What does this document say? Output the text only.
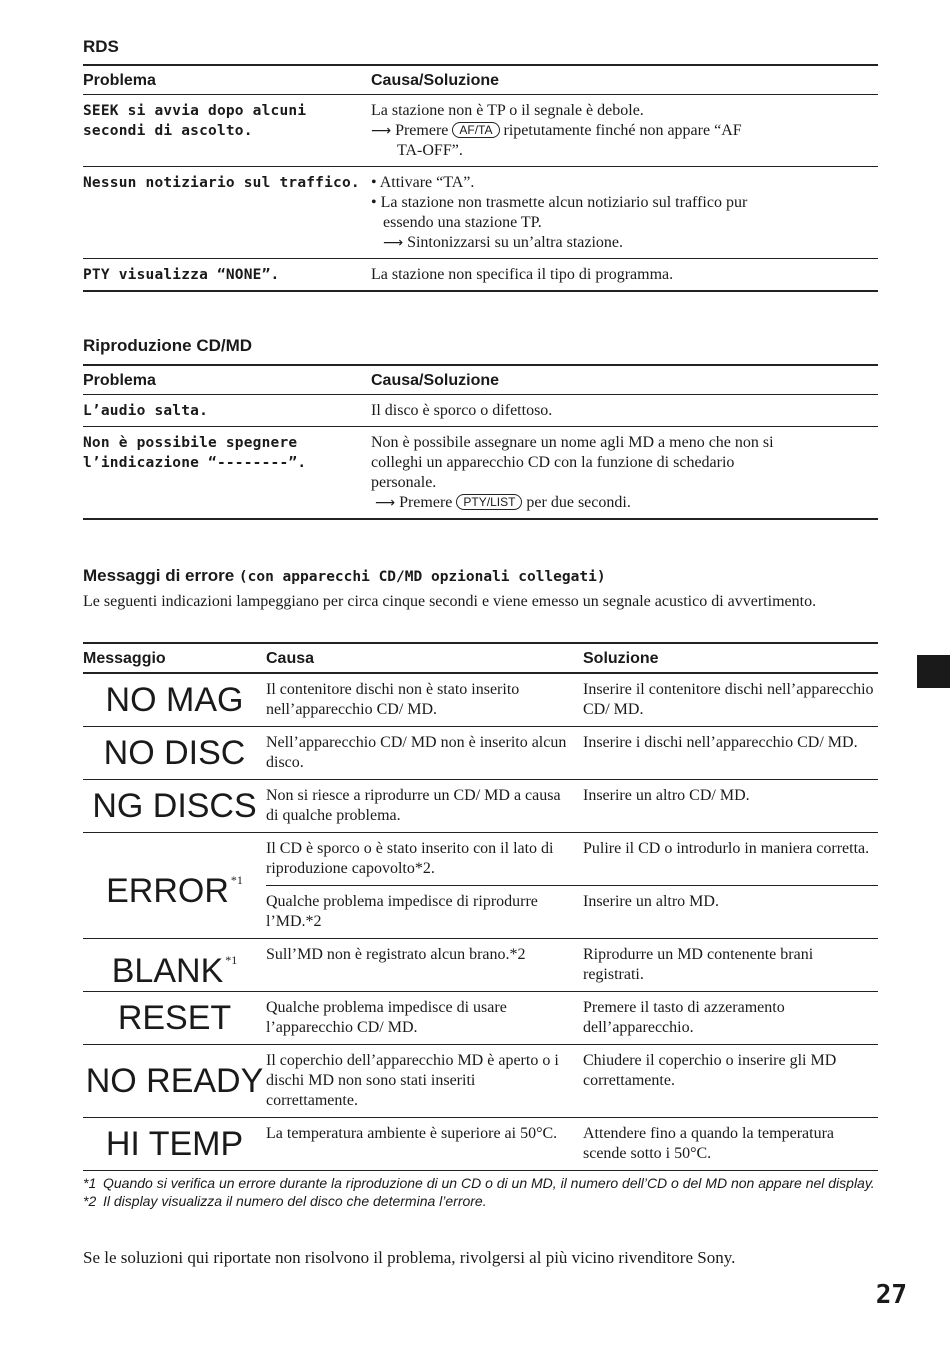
RDS
Problema	Causa/Soluzione

SEEK si avvia dopo alcuni
secondi di ascolto.	La stazione non è TP o il segnale è debole.
⟶ Premere AF/TA ripetutamente finché non appare “AF
TA-OFF”.

Nessun notiziario sul traffico.	• Attivare “TA”.
• La stazione non trasmette alcun notiziario sul traffico pur
essendo una stazione TP.
⟶ Sintonizzarsi su un’altra stazione.

PTY visualizza “NONE”.	La stazione non specifica il tipo di programma.
Riproduzione CD/MD
Problema	Causa/Soluzione

L’audio salta.	Il disco è sporco o difettoso.

Non è possibile spegnere
l’indicazione “--------”.	Non è possibile assegnare un nome agli MD a meno che non si
colleghi un apparecchio CD con la funzione di schedario
personale.
⟶ Premere PTY/LIST per due secondi.
Messaggi di errore (con apparecchi CD/MD opzionali collegati)
Le seguenti indicazioni lampeggiano per circa cinque secondi e viene emesso un segnale acustico di avvertimento.
Messaggio	Causa	Soluzione
NO MAG	Il contenitore dischi non è stato inserito nell’apparecchio CD/ MD.	Inserire il contenitore dischi nell’apparecchio CD/ MD.
NO DISC	Nell’apparecchio CD/ MD non è inserito alcun disco.	Inserire i dischi nell’apparecchio CD/ MD.
NG DISCS	Non si riesce a riprodurre un CD/ MD a causa di qualche problema.	Inserire un altro CD/ MD.
ERROR $^{*1}$	Il CD è sporco o è stato inserito con il lato di riproduzione capovolto*2.	Pulire il CD o introdurlo in maniera corretta.
	Qualche problema impedisce di riprodurre l’MD.*2	Inserire un altro MD.
BLANK $^{*1}$	Sull’MD non è registrato alcun brano.*2	Riprodurre un MD contenente brani registrati.
RESET	Qualche problema impedisce di usare l’apparecchio CD/ MD.	Premere il tasto di azzeramento dell’apparecchio.
NO READY	Il coperchio dell’apparecchio MD è aperto o i dischi MD non sono stati inseriti correttamente.	Chiudere il coperchio o inserire gli MD correttamente.
HI TEMP	La temperatura ambiente è superiore ai 50°C.	Attendere fino a quando la temperatura scende sotto i 50°C.
*1 Quando si verifica un errore durante la riproduzione di un CD o di un MD, il numero dell’CD o del MD non appare nel display.
*2 Il display visualizza il numero del disco che determina l’errore.
Se le soluzioni qui riportate non risolvono il problema, rivolgersi al più vicino rivenditore Sony.
27
